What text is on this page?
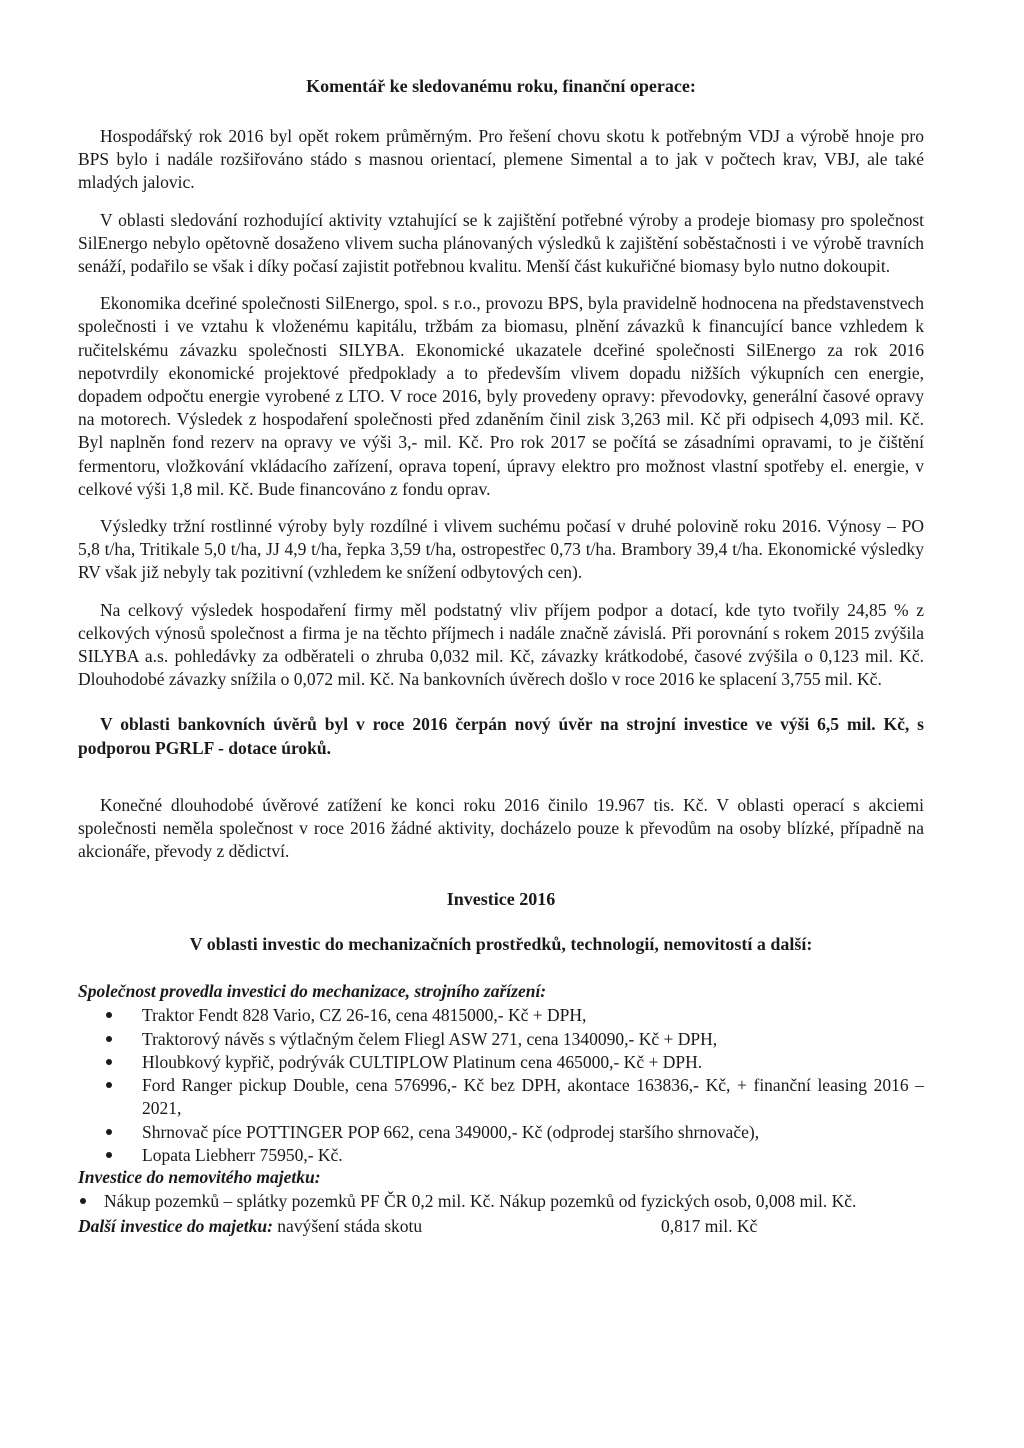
Komentář ke sledovanému roku, finanční operace:

Hospodářský rok 2016 byl opět rokem průměrným. Pro řešení chovu skotu k potřebným VDJ a výrobě hnoje pro BPS bylo i nadále rozšiřováno stádo s masnou orientací, plemene Simental a to jak v počtech krav, VBJ, ale také mladých jalovic.

V oblasti sledování rozhodující aktivity vztahující se k zajištění potřebné výroby a prodeje biomasy pro společnost SilEnergo nebylo opětovně dosaženo vlivem sucha plánovaných výsledků k zajištění soběstačnosti i ve výrobě travních senáží, podařilo se však i díky počasí zajistit potřebnou kvalitu. Menší část kukuřičné biomasy bylo nutno dokoupit.

Ekonomika dceřiné společnosti SilEnergo, spol. s r.o., provozu BPS, byla pravidelně hodnocena na představenstvech společnosti i ve vztahu k vloženému kapitálu, tržbám za biomasu, plnění závazků k financující bance vzhledem k ručitelskému závazku společnosti SILYBA. Ekonomické ukazatele dceřiné společnosti SilEnergo za rok 2016 nepotvrdily ekonomické projektové předpoklady a to především vlivem dopadu nižších výkupních cen energie, dopadem odpočtu energie vyrobené z LTO. V roce 2016, byly provedeny opravy: převodovky, generální časové opravy na motorech. Výsledek z hospodaření společnosti před zdaněním činil zisk 3,263 mil. Kč při odpisech 4,093 mil. Kč. Byl naplněn fond rezerv na opravy ve výši 3,- mil. Kč. Pro rok 2017 se počítá se zásadními opravami, to je čištění fermentoru, vložkování vkládacího zařízení, oprava topení, úpravy elektro pro možnost vlastní spotřeby el. energie, v celkové výši 1,8 mil. Kč. Bude financováno z fondu oprav.

Výsledky tržní rostlinné výroby byly rozdílné i vlivem suchému počasí v druhé polovině roku 2016. Výnosy – PO 5,8 t/ha, Tritikale 5,0 t/ha, JJ 4,9 t/ha, řepka 3,59 t/ha, ostropestřec 0,73 t/ha. Brambory 39,4 t/ha. Ekonomické výsledky RV však již nebyly tak pozitivní (vzhledem ke snížení odbytových cen).

Na celkový výsledek hospodaření firmy měl podstatný vliv příjem podpor a dotací, kde tyto tvořily 24,85 % z celkových výnosů společnost a firma je na těchto příjmech i nadále značně závislá. Při porovnání s rokem 2015 zvýšila SILYBA a.s. pohledávky za odběrateli o zhruba 0,032 mil. Kč, závazky krátkodobé, časové zvýšila o 0,123 mil. Kč. Dlouhodobé závazky snížila o 0,072 mil. Kč. Na bankovních úvěrech došlo v roce 2016 ke splacení 3,755 mil. Kč.

V oblasti bankovních úvěrů byl v roce 2016 čerpán nový úvěr na strojní investice ve výši 6,5 mil. Kč, s podporou PGRLF - dotace úroků.

Konečné dlouhodobé úvěrové zatížení ke konci roku 2016 činilo 19.967 tis. Kč. V oblasti operací s akciemi společnosti neměla společnost v roce 2016 žádné aktivity, docházelo pouze k převodům na osoby blízké, případně na akcionáře, převody z dědictví.

Investice 2016
V oblasti investic do mechanizačních prostředků, technologií, nemovitostí a další:

Společnost provedla investici do mechanizace, strojního zařízení:

Traktor Fendt 828 Vario, CZ 26-16, cena 4815000,- Kč + DPH,
Traktorový návěs s výtlačným čelem Fliegl ASW 271, cena 1340090,- Kč + DPH,
Hloubkový kypřič, podrývák CULTIPLOW Platinum cena 465000,- Kč + DPH.
Ford Ranger pickup Double, cena 576996,- Kč bez DPH, akontace 163836,- Kč, + finanční leasing 2016 – 2021,
Shrnovač píce POTTINGER POP 662, cena 349000,- Kč (odprodej staršího shrnovače),
Lopata Liebherr 75950,- Kč.

Investice do nemovitého majetku:

Nákup pozemků – splátky pozemků PF ČR 0,2 mil. Kč. Nákup pozemků od fyzických osob, 0,008 mil. Kč.
Další investice do majetku: navýšení stáda skotu	0,817 mil. Kč
